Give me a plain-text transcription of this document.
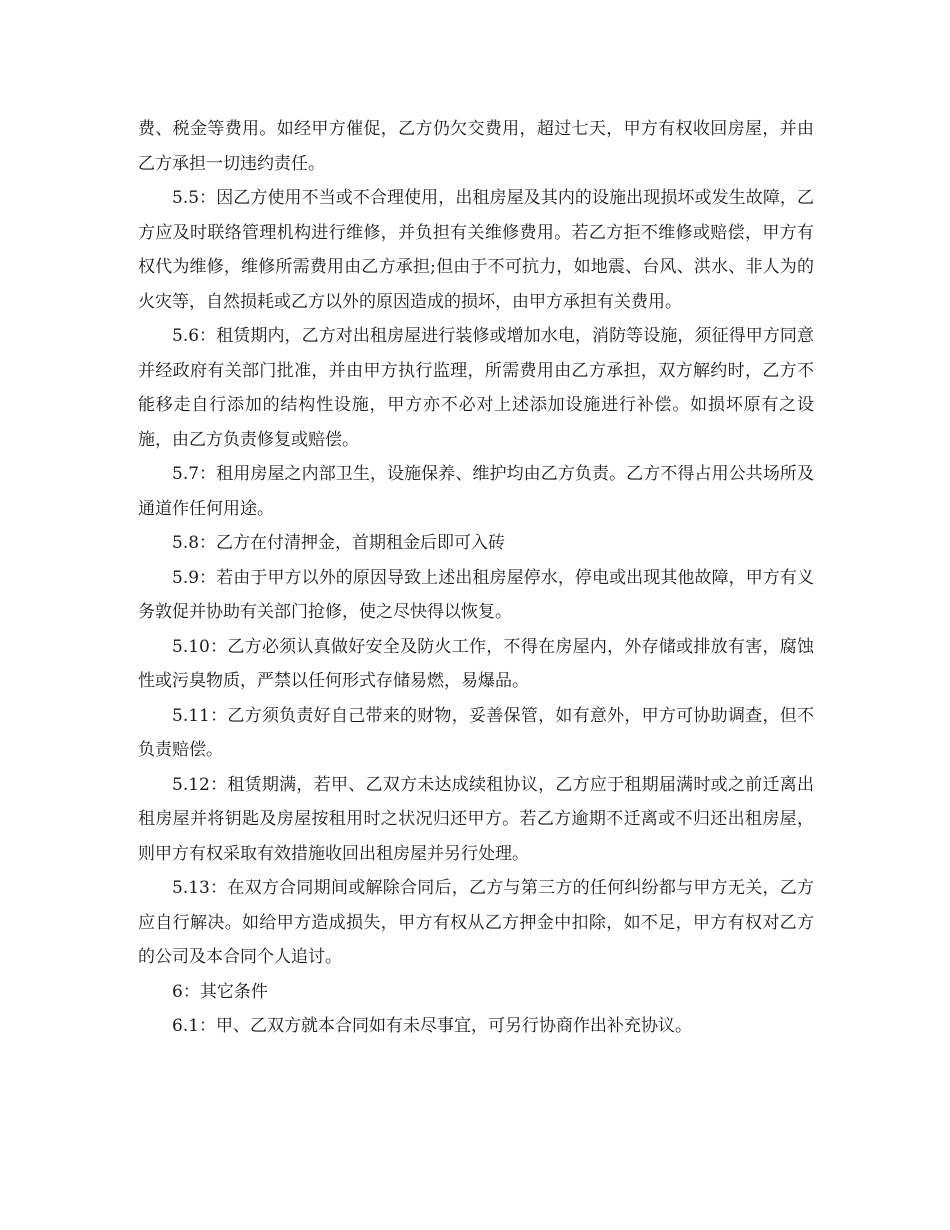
费、税金等费用。如经甲方催促，乙方仍欠交费用，超过七天，甲方有权收回房屋，并由乙方承担一切违约责任。

5.5：因乙方使用不当或不合理使用，出租房屋及其内的设施出现损坏或发生故障，乙方应及时联络管理机构进行维修，并负担有关维修费用。若乙方拒不维修或赔偿，甲方有权代为维修，维修所需费用由乙方承担;但由于不可抗力，如地震、台风、洪水、非人为的火灾等，自然损耗或乙方以外的原因造成的损坏，由甲方承担有关费用。

5.6：租赁期内，乙方对出租房屋进行装修或增加水电，消防等设施，须征得甲方同意并经政府有关部门批准，并由甲方执行监理，所需费用由乙方承担，双方解约时，乙方不能移走自行添加的结构性设施，甲方亦不必对上述添加设施进行补偿。如损坏原有之设施，由乙方负责修复或赔偿。

5.7：租用房屋之内部卫生，设施保养、维护均由乙方负责。乙方不得占用公共场所及通道作任何用途。

5.8：乙方在付清押金，首期租金后即可入砖

5.9：若由于甲方以外的原因导致上述出租房屋停水，停电或出现其他故障，甲方有义务敦促并协助有关部门抢修，使之尽快得以恢复。

5.10：乙方必须认真做好安全及防火工作，不得在房屋内，外存储或排放有害，腐蚀性或污臭物质，严禁以任何形式存储易燃，易爆品。

5.11：乙方须负责好自己带来的财物，妥善保管，如有意外，甲方可协助调查，但不负责赔偿。

5.12：租赁期满，若甲、乙双方未达成续租协议，乙方应于租期届满时或之前迁离出租房屋并将钥匙及房屋按租用时之状况归还甲方。若乙方逾期不迁离或不归还出租房屋，则甲方有权采取有效措施收回出租房屋并另行处理。

5.13：在双方合同期间或解除合同后，乙方与第三方的任何纠纷都与甲方无关，乙方应自行解决。如给甲方造成损失，甲方有权从乙方押金中扣除，如不足，甲方有权对乙方的公司及本合同个人追讨。

6：其它条件

6.1：甲、乙双方就本合同如有未尽事宜，可另行协商作出补充协议。
